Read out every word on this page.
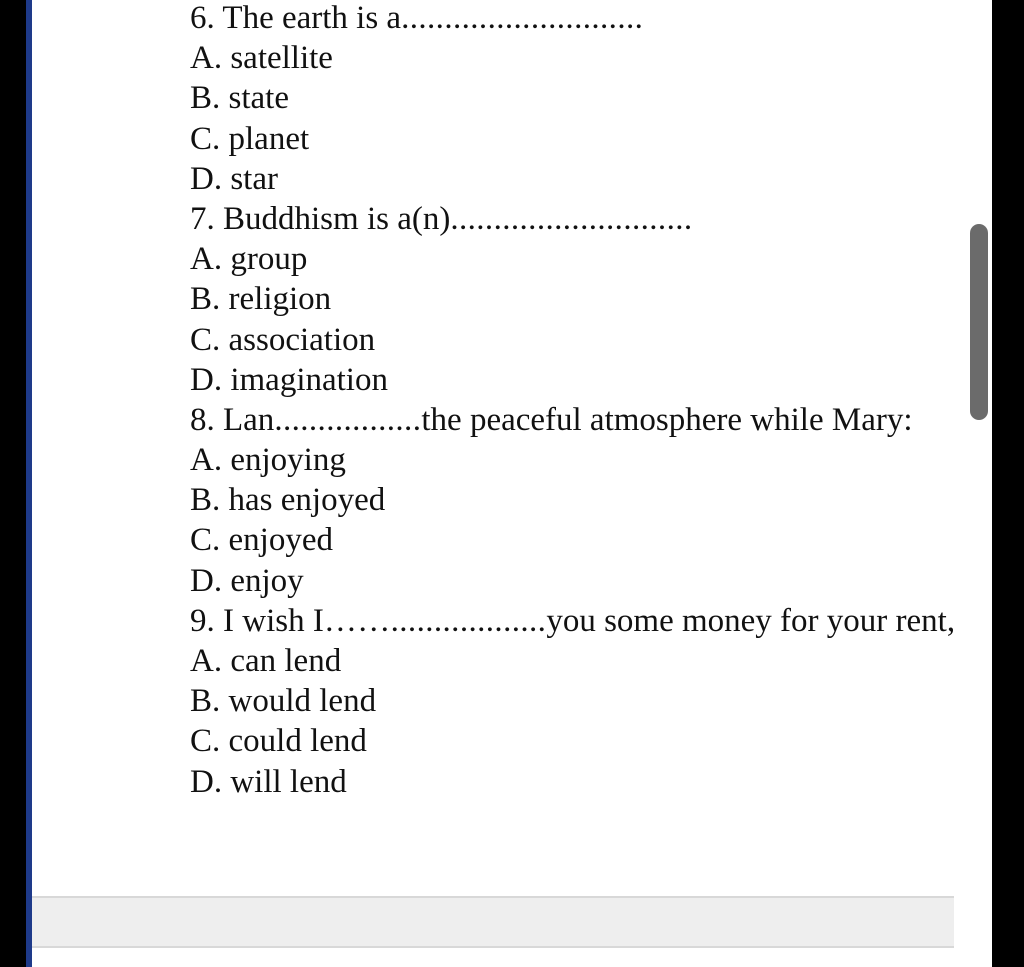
6. The earth is a............................
A. satellite
B. state
C. planet
D. star
7. Buddhism is a(n)............................
A. group
B. religion
C. association
D. imagination
8. Lan.................the peaceful atmosphere while Mary:
A. enjoying
B. has enjoyed
C. enjoyed
D. enjoy
9. I wish I……..................you some money for your rent,
A. can lend
B. would lend
C. could lend
D. will lend
